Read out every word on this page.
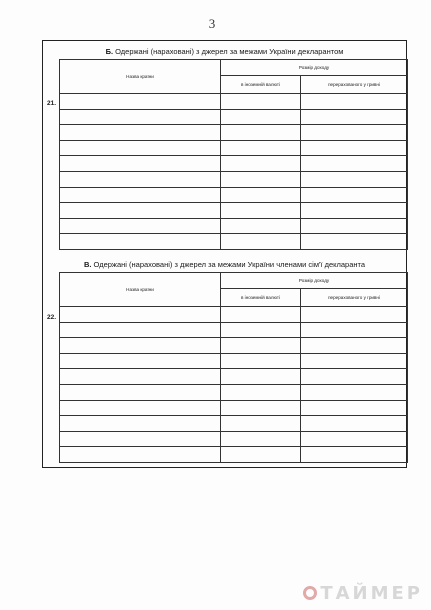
3
Б. Одержані (нараховані) з джерел за межами України декларантом
Назва країни	Розмір доходу	
	в іноземній валюті	перерахованого у гривні

21.
В. Одержані (нараховані) з джерел за межами України членами сім'ї декларанта
Назва країни	Розмір доходу	
	в іноземній валюті	перерахованого у гривні

22.
ТАЙМЕР
